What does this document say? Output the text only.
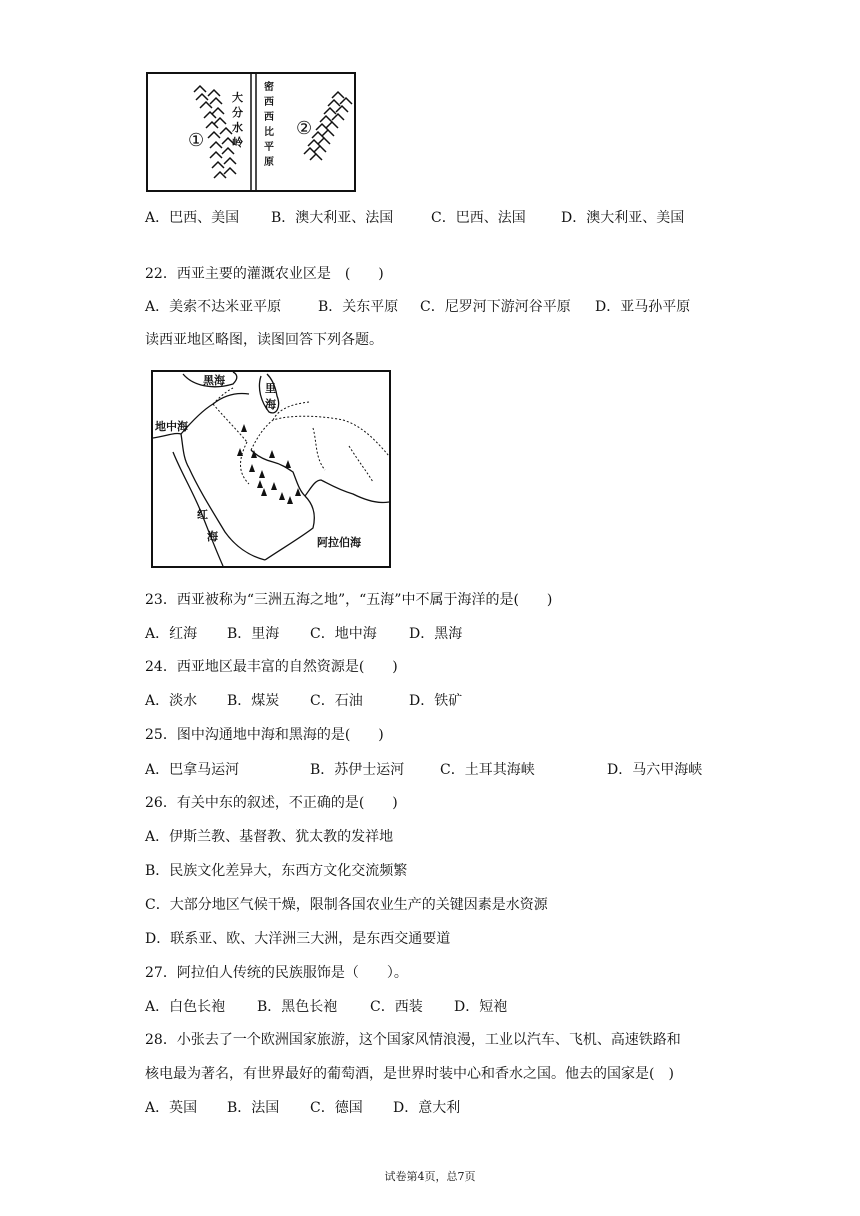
①
大分水岭
密西西比平原
②
A．巴西、美国 B．澳大利亚、法国	C．巴西、法国	D．澳大利亚、美国
22．西亚主要的灌溉农业区是　(　　)
A．美索不达米亚平原	B．关东平原 C．尼罗河下游河谷平原 D．亚马孙平原
读西亚地区略图，读图回答下列各题。
黑海
里
海
地中海
红
海	阿拉伯海
23．西亚被称为“三洲五海之地”，“五海”中不属于海洋的是(　　)
A．红海 B．里海 C．地中海 D．黑海
24．西亚地区最丰富的自然资源是(　　)
A．淡水 B．煤炭 C．石油	D．铁矿
25．图中沟通地中海和黑海的是(　　)
A．巴拿马运河	B．苏伊士运河	C．土耳其海峡	D．马六甲海峡
26．有关中东的叙述，不正确的是(　　)
A．伊斯兰教、基督教、犹太教的发祥地
B．民族文化差异大，东西方文化交流频繁
C．大部分地区气候干燥，限制各国农业生产的关键因素是水资源
D．联系亚、欧、大洋洲三大洲，是东西交通要道
27．阿拉伯人传统的民族服饰是（　　）。
A．白色长袍 B．黑色长袍 C．西装 D．短袍
28．小张去了一个欧洲国家旅游，这个国家风情浪漫，工业以汽车、飞机、高速铁路和
核电最为著名，有世界最好的葡萄酒，是世界时装中心和香水之国。他去的国家是(　)
A．英国 B．法国 C．德国 D．意大利
试卷第4页，总7页
